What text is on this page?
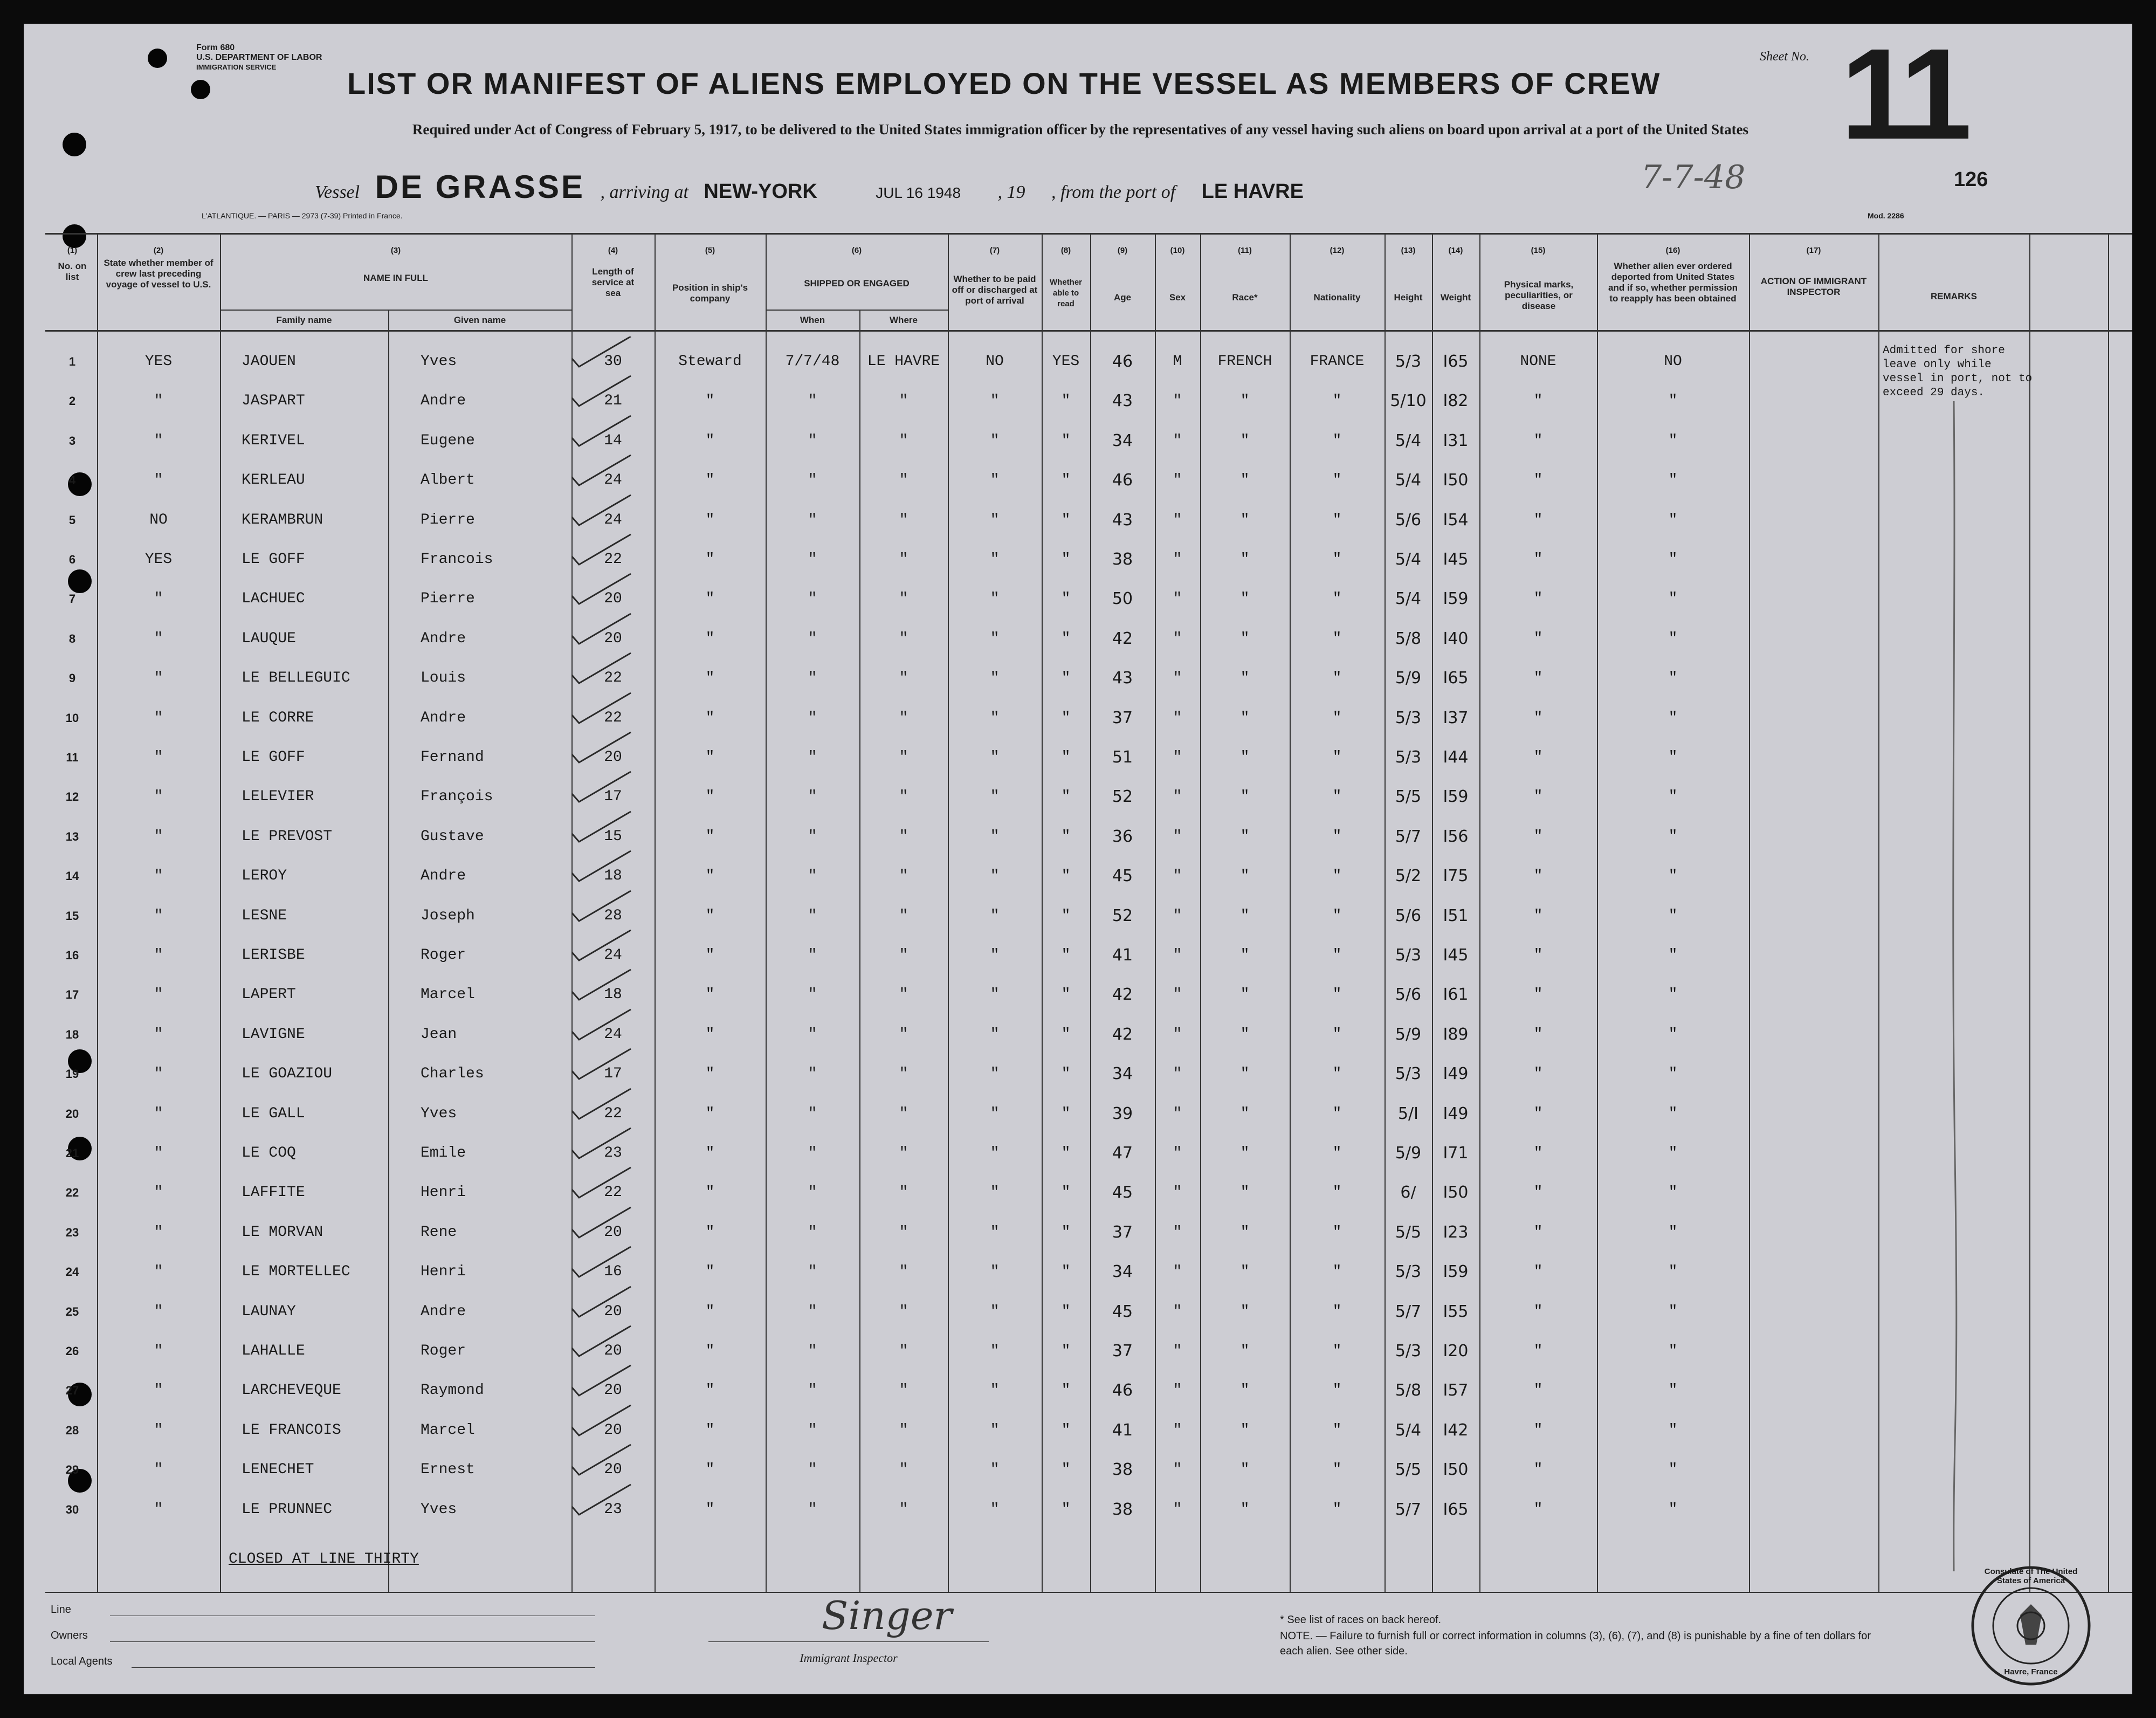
Form 680
U.S. DEPARTMENT OF LABOR
IMMIGRATION SERVICE	LIST OR MANIFEST OF ALIENS EMPLOYED ON THE VESSEL AS MEMBERS OF CREW
Sheet No. 11
Required under Act of Congress of February 5, 1917, to be delivered to the United States immigration officer by the representatives of any vessel having such aliens on board upon arrival at a port of the United States
Vessel DE GRASSE , arriving at NEW-YORK	JUL 16 1948 , 19 , from the port of LE HAVRE	7-7-48	126
L'ATLANTIQUE. — PARIS — 2973 (7-39) Printed in France.	Mod. 2286
(1)	(2)	(3)	(4)	(5)	(6)	(7)	(8)	(9)	(10)	(11)	(12)	(13)	(14)	(15)	(16)	(17)
No. on list
State whether member of crew last preceding voyage of vessel to U.S.
NAME IN FULL
Family name	Given name
Length of service at sea
Position in ship's company
SHIPPED OR ENGAGED
When	Where
Whether to be paid off or discharged at port of arrival
Whether able to read
Age	Sex	Race*	Nationality	Height	Weight
Physical marks, peculiarities, or disease
Whether alien ever ordered deported from United States and if so, whether permission to reapply has been obtained
ACTION OF IMMIGRANT INSPECTOR	REMARKS
1	YES	JAOUEN	Yves	30	Steward	7/7/48	LE HAVRE	NO	YES	46	M	FRENCH	FRANCE	5/3	I65	NONE	NO
2	"	JASPART	Andre	21	"	"	"	"	"	43	"	"	"	5/10	I82	"	"
3	"	KERIVEL	Eugene	14	"	"	"	"	"	34	"	"	"	5/4	I31	"	"
4	"	KERLEAU	Albert	24	"	"	"	"	"	46	"	"	"	5/4	I50	"	"
5	NO	KERAMBRUN	Pierre	24	"	"	"	"	"	43	"	"	"	5/6	I54	"	"
6	YES	LE GOFF	Francois	22	"	"	"	"	"	38	"	"	"	5/4	I45	"	"
7	"	LACHUEC	Pierre	20	"	"	"	"	"	50	"	"	"	5/4	I59	"	"
8	"	LAUQUE	Andre	20	"	"	"	"	"	42	"	"	"	5/8	I40	"	"
9	"	LE BELLEGUIC	Louis	22	"	"	"	"	"	43	"	"	"	5/9	I65	"	"
10	"	LE CORRE	Andre	22	"	"	"	"	"	37	"	"	"	5/3	I37	"	"
11	"	LE GOFF	Fernand	20	"	"	"	"	"	51	"	"	"	5/3	I44	"	"
12	"	LELEVIER	François	17	"	"	"	"	"	52	"	"	"	5/5	I59	"	"
13	"	LE PREVOST	Gustave	15	"	"	"	"	"	36	"	"	"	5/7	I56	"	"
14	"	LEROY	Andre	18	"	"	"	"	"	45	"	"	"	5/2	I75	"	"
15	"	LESNE	Joseph	28	"	"	"	"	"	52	"	"	"	5/6	I51	"	"
16	"	LERISBE	Roger	24	"	"	"	"	"	41	"	"	"	5/3	I45	"	"
17	"	LAPERT	Marcel	18	"	"	"	"	"	42	"	"	"	5/6	I61	"	"
18	"	LAVIGNE	Jean	24	"	"	"	"	"	42	"	"	"	5/9	I89	"	"
19	"	LE GOAZIOU	Charles	17	"	"	"	"	"	34	"	"	"	5/3	I49	"	"
20	"	LE GALL	Yves	22	"	"	"	"	"	39	"	"	"	5/I	I49	"	"
21	"	LE COQ	Emile	23	"	"	"	"	"	47	"	"	"	5/9	I71	"	"
22	"	LAFFITE	Henri	22	"	"	"	"	"	45	"	"	"	6/	I50	"	"
23	"	LE MORVAN	Rene	20	"	"	"	"	"	37	"	"	"	5/5	I23	"	"
24	"	LE MORTELLEC	Henri	16	"	"	"	"	"	34	"	"	"	5/3	I59	"	"
25	"	LAUNAY	Andre	20	"	"	"	"	"	45	"	"	"	5/7	I55	"	"
26	"	LAHALLE	Roger	20	"	"	"	"	"	37	"	"	"	5/3	I20	"	"
27	"	LARCHEVEQUE	Raymond	20	"	"	"	"	"	46	"	"	"	5/8	I57	"	"
28	"	LE FRANCOIS	Marcel	20	"	"	"	"	"	41	"	"	"	5/4	I42	"	"
29	"	LENECHET	Ernest	20	"	"	"	"	"	38	"	"	"	5/5	I50	"	"
30	"	LE PRUNNEC	Yves	23	"	"	"	"	"	38	"	"	"	5/7	I65	"	"
CLOSED AT LINE THIRTY
Admitted for shore leave only while vessel in port, not to exceed 29 days.
Line
Owners
Local Agents
Singer
Immigrant Inspector
* See list of races on back hereof.
NOTE. — Failure to furnish full or correct information in columns (3), (6), (7), and (8) is punishable by a fine of ten dollars for each alien. See other side.
Consulate of The United States of America
Havre, France
